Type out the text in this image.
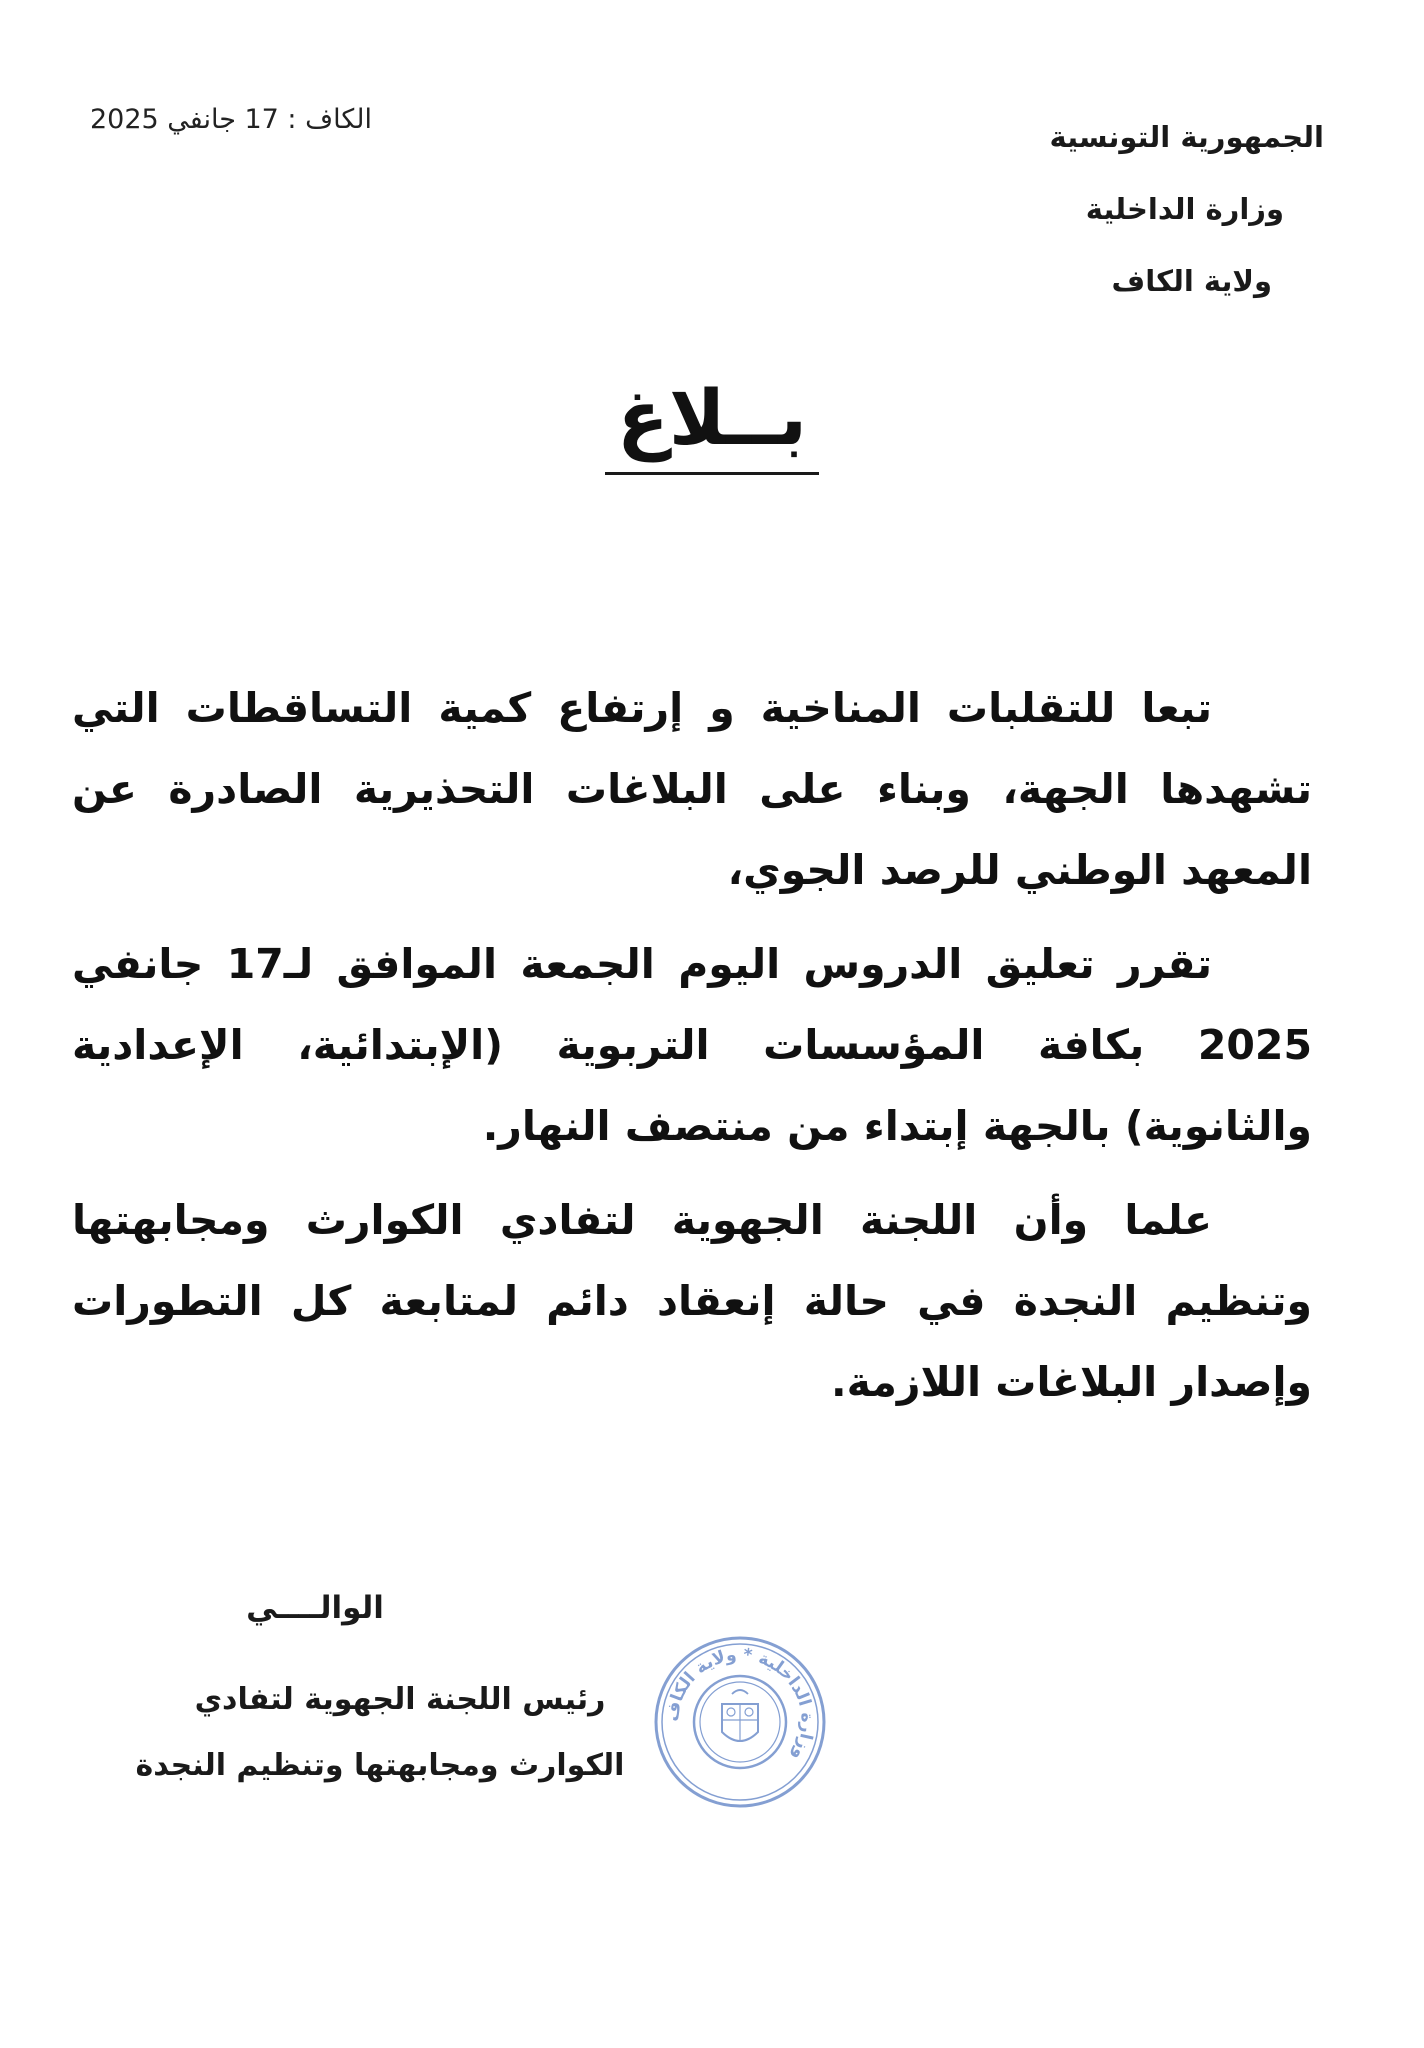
الكاف : 17 جانفي 2025
الجمهورية التونسية
وزارة الداخلية
ولاية الكاف
بــلاغ
تبعا للتقلبات المناخية و إرتفاع كمية التساقطات التي تشهدها الجهة، وبناء على البلاغات التحذيرية الصادرة عن المعهد الوطني للرصد الجوي،
تقرر تعليق الدروس اليوم الجمعة الموافق لـ17 جانفي 2025 بكافة المؤسسات التربوية (الإبتدائية، الإعدادية والثانوية) بالجهة إبتداء من منتصف النهار.
علما وأن اللجنة الجهوية لتفادي الكوارث ومجابهتها وتنظيم النجدة في حالة إنعقاد دائم لمتابعة كل التطورات وإصدار البلاغات اللازمة.
الوالــــي
رئيس اللجنة الجهوية لتفادي
الكوارث ومجابهتها وتنظيم النجدة
وزارة الداخلية * ولاية الكاف
